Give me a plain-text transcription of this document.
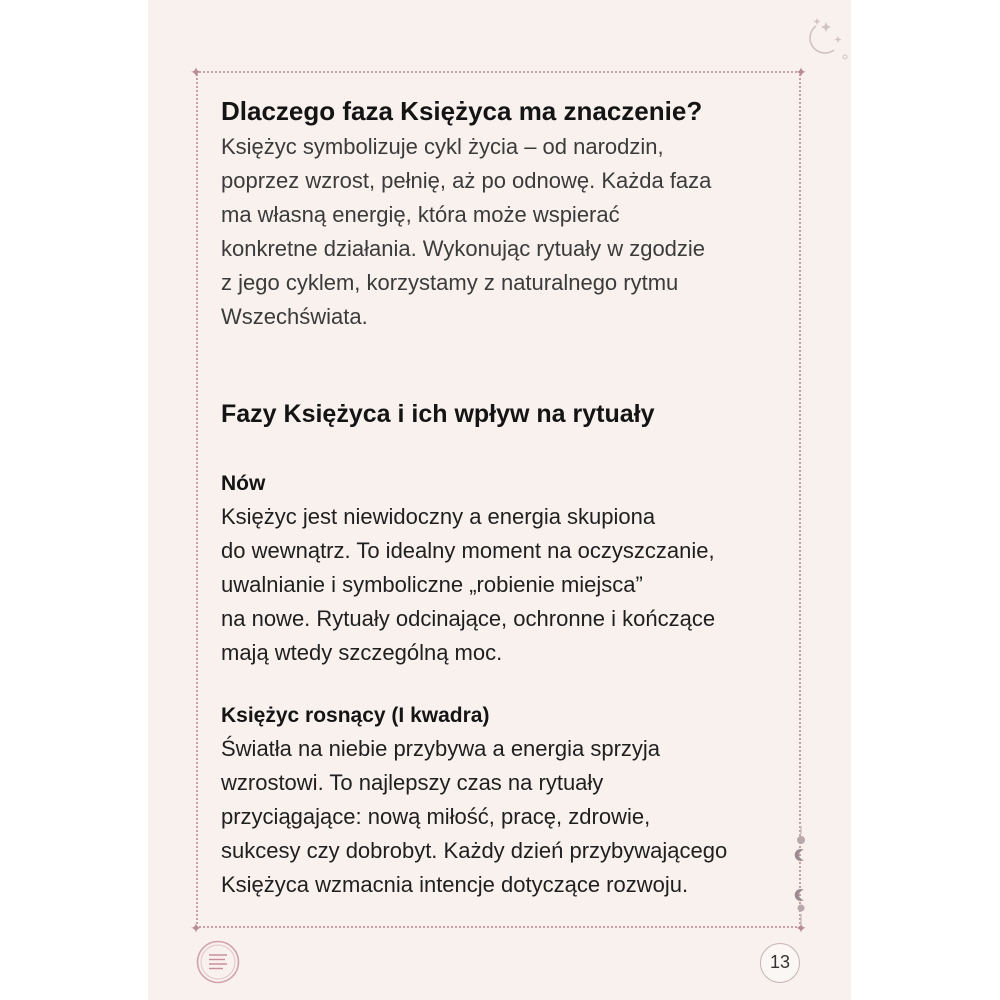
✦	✦
✦	✦
Dlaczego faza Księżyca ma znaczenie?

Księżyc symbolizuje cykl życia – od narodzin,
poprzez wzrost, pełnię, aż po odnowę. Każda faza
ma własną energię, która może wspierać
konkretne działania. Wykonując rytuały w zgodzie
z jego cyklem, korzystamy z naturalnego rytmu
Wszechświata.

Fazy Księżyca i ich wpływ na rytuały
Nów

Księżyc jest niewidoczny a energia skupiona
do wewnątrz. To idealny moment na oczyszczanie,
uwalnianie i symboliczne „robienie miejsca”
na nowe. Rytuały odcinające, ochronne i kończące
mają wtedy szczególną moc.

Księżyc rosnący (I kwadra)

Światła na niebie przybywa a energia sprzyja
wzrostowi. To najlepszy czas na rytuały
przyciągające: nową miłość, pracę, zdrowie,
sukcesy czy dobrobyt. Każdy dzień przybywającego
Księżyca wzmacnia intencje dotyczące rozwoju.

13
